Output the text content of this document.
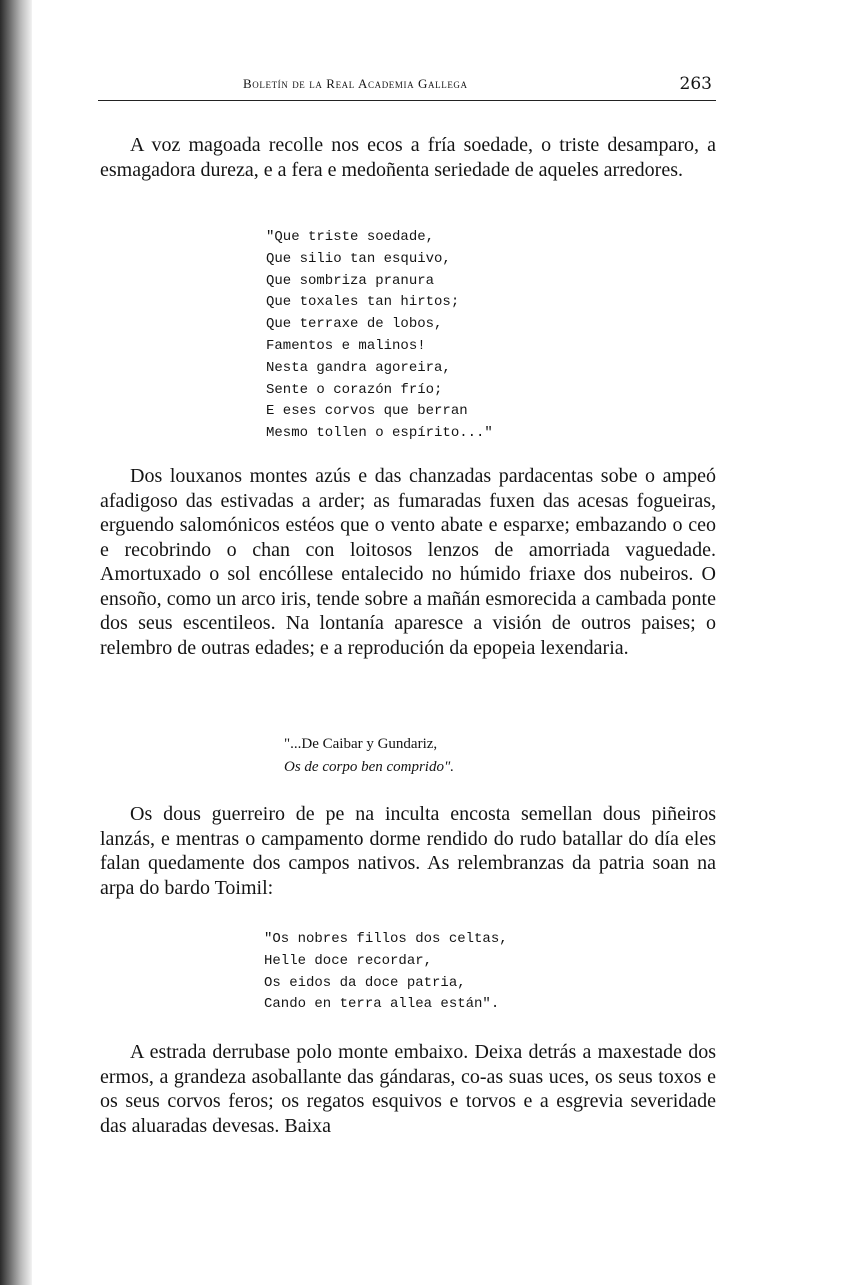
Boletín de la Real Academia Gallega	263

A voz magoada recolle nos ecos a fría soedade, o triste desamparo, a esmagadora dureza, e a fera e medoñenta seriedade de aqueles arredores.

"Que triste soedade,
Que silio tan esquivo,
Que sombriza pranura
Que toxales tan hirtos;
Que terraxe de lobos,
Famentos e malinos!
Nesta gandra agoreira,
Sente o corazón frío;
E eses corvos que berran
Mesmo tollen o espírito..."

Dos louxanos montes azús e das chanzadas pardacentas sobe o ampeó afadigoso das estivadas a arder; as fumaradas fuxen das acesas fogueiras, erguendo salomónicos estéos que o vento abate e esparxe; embazando o ceo e recobrindo o chan con loitosos lenzos de amorriada vaguedade. Amortuxado o sol encóllese entalecido no húmido friaxe dos nubeiros. O ensoño, como un arco iris, tende sobre a mañán esmorecida a cambada ponte dos seus escentileos. Na lontanía aparesce a visión de outros paises; o relembro de outras edades; e a reprodución da epopeia lexendaria.

"...De Caibar y Gundariz,
Os de corpo ben comprido".

Os dous guerreiro de pe na inculta encosta semellan dous piñeiros lanzás, e mentras o campamento dorme rendido do rudo batallar do día eles falan quedamente dos campos nativos. As relembranzas da patria soan na arpa do bardo Toimil:

"Os nobres fillos dos celtas,
Helle doce recordar,
Os eidos da doce patria,
Cando en terra allea están".

A estrada derrubase polo monte embaixo. Deixa detrás a maxestade dos ermos, a grandeza asoballante das gándaras, co-as suas uces, os seus toxos e os seus corvos feros; os regatos esquivos e torvos e a esgrevia severidade das aluaradas devesas. Baixa
